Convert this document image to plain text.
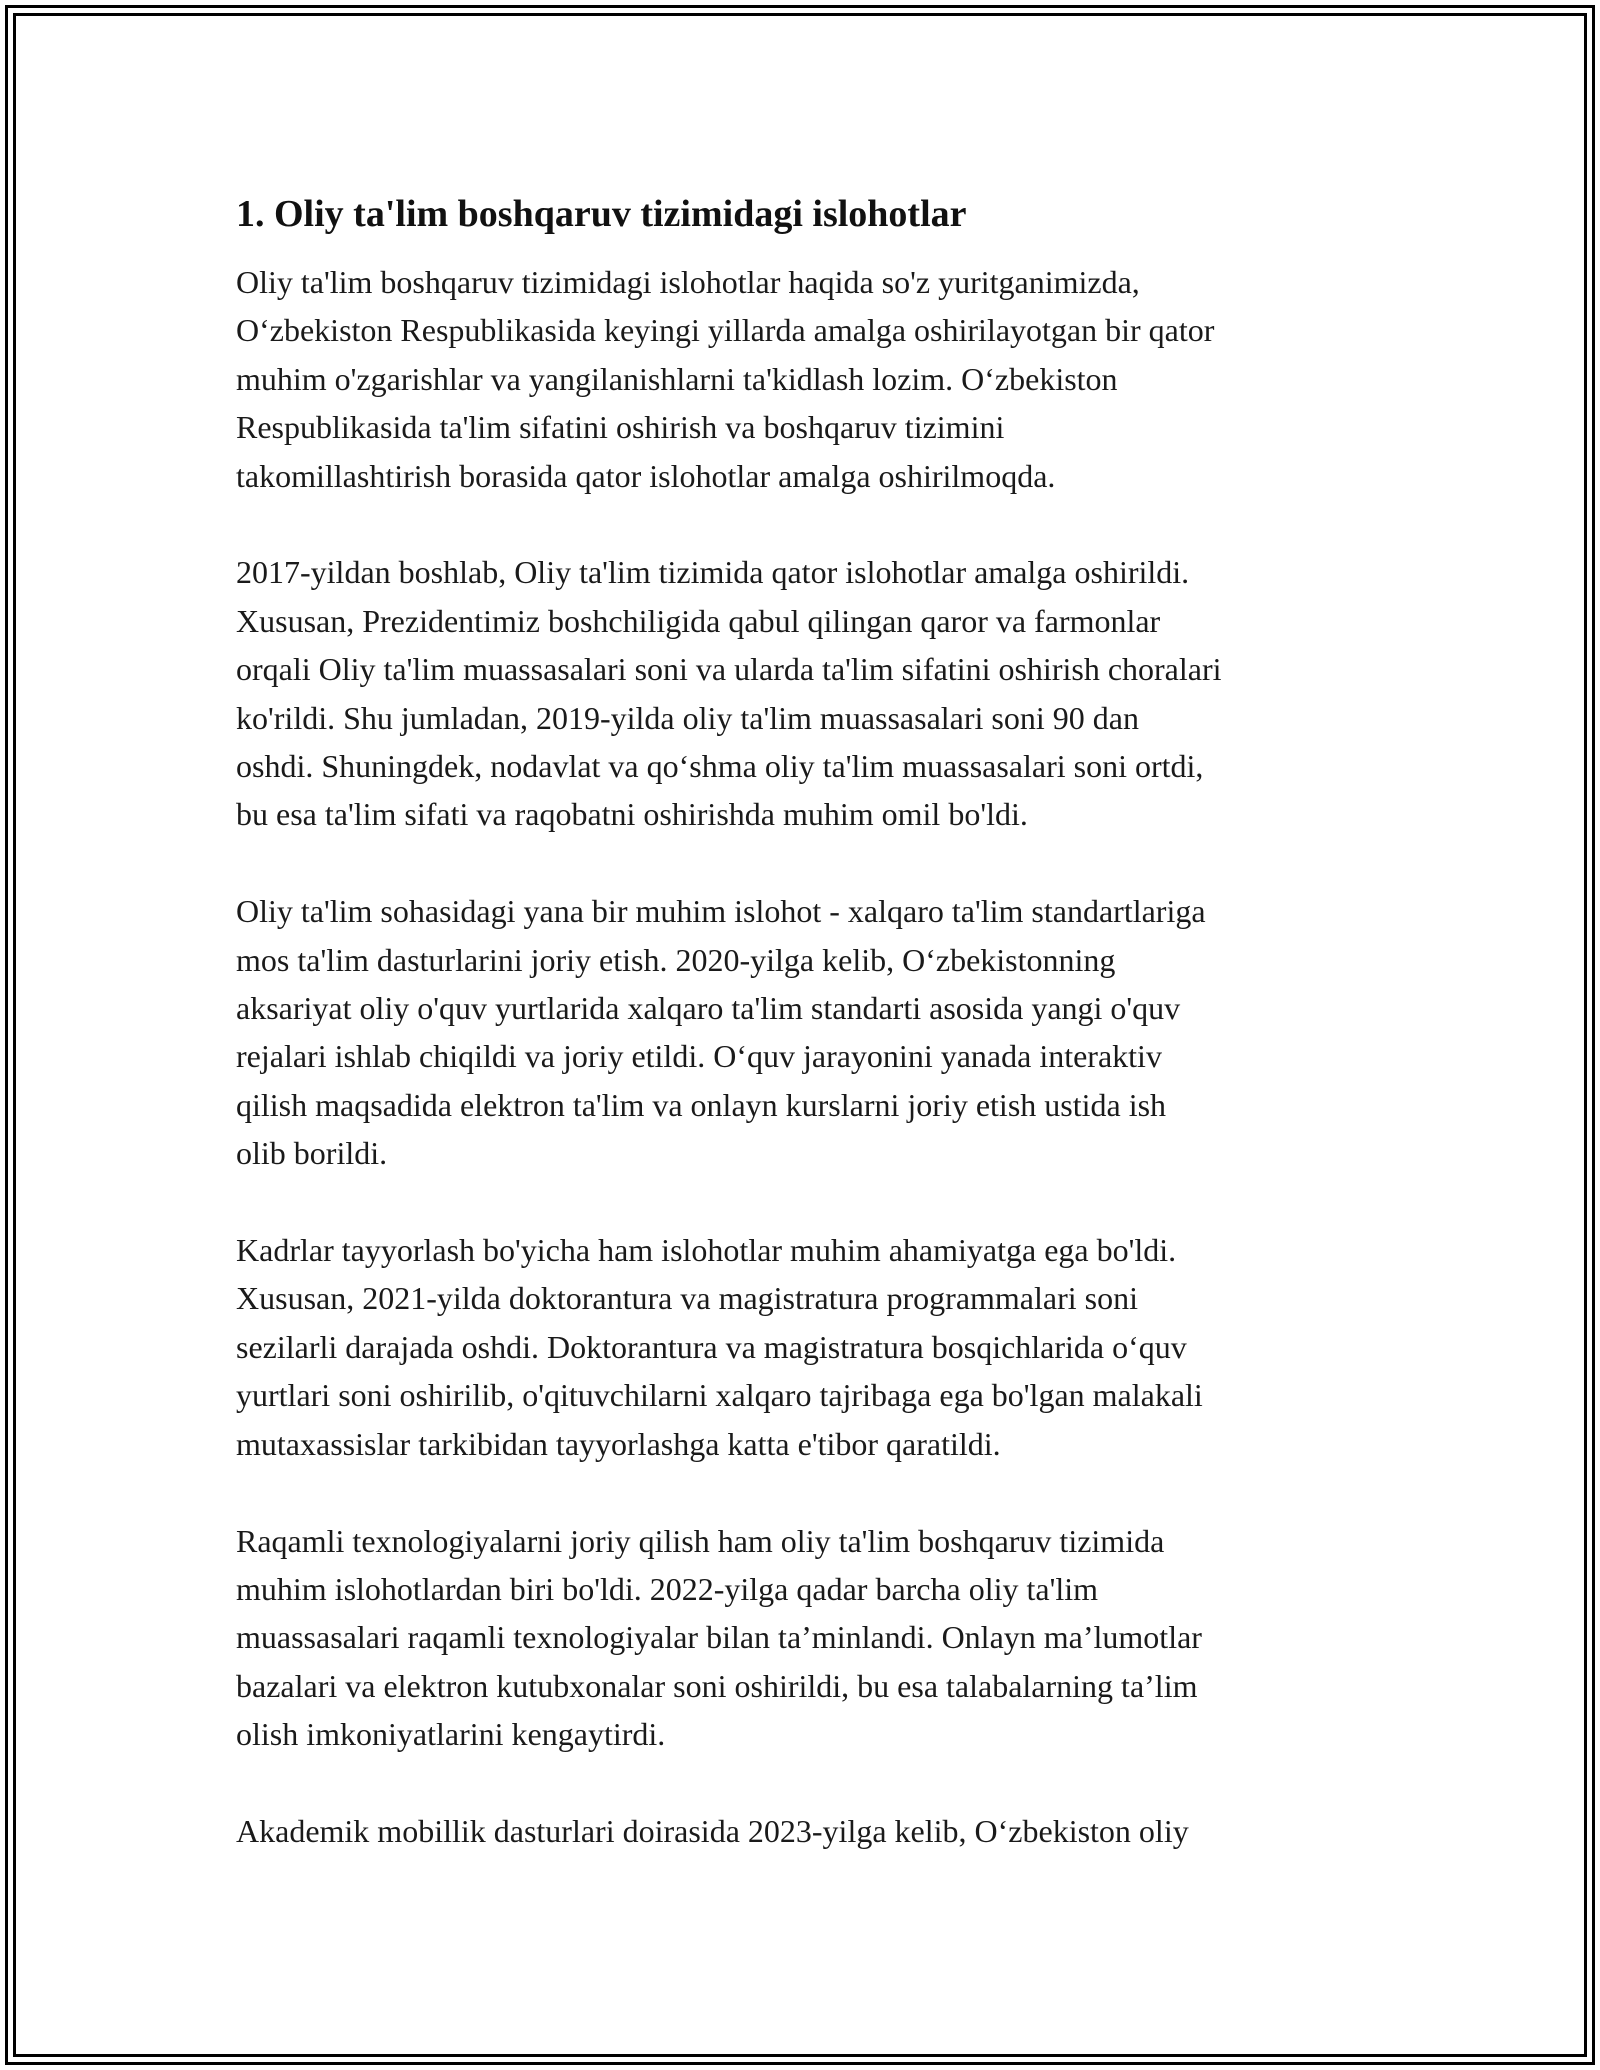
1. Oliy ta'lim boshqaruv tizimidagi islohotlar

Oliy ta'lim boshqaruv tizimidagi islohotlar haqida so'z yuritganimizda,
Oʻzbekiston Respublikasida keyingi yillarda amalga oshirilayotgan bir qator
muhim o'zgarishlar va yangilanishlarni ta'kidlash lozim. Oʻzbekiston
Respublikasida ta'lim sifatini oshirish va boshqaruv tizimini
takomillashtirish borasida qator islohotlar amalga oshirilmoqda.

2017-yildan boshlab, Oliy ta'lim tizimida qator islohotlar amalga oshirildi.
Xususan, Prezidentimiz boshchiligida qabul qilingan qaror va farmonlar
orqali Oliy ta'lim muassasalari soni va ularda ta'lim sifatini oshirish choralari
ko'rildi. Shu jumladan, 2019-yilda oliy ta'lim muassasalari soni 90 dan
oshdi. Shuningdek, nodavlat va qoʻshma oliy ta'lim muassasalari soni ortdi,
bu esa ta'lim sifati va raqobatni oshirishda muhim omil bo'ldi.

Oliy ta'lim sohasidagi yana bir muhim islohot - xalqaro ta'lim standartlariga
mos ta'lim dasturlarini joriy etish. 2020-yilga kelib, Oʻzbekistonning
aksariyat oliy o'quv yurtlarida xalqaro ta'lim standarti asosida yangi o'quv
rejalari ishlab chiqildi va joriy etildi. Oʻquv jarayonini yanada interaktiv
qilish maqsadida elektron ta'lim va onlayn kurslarni joriy etish ustida ish
olib borildi.

Kadrlar tayyorlash bo'yicha ham islohotlar muhim ahamiyatga ega bo'ldi.
Xususan, 2021-yilda doktorantura va magistratura programmalari soni
sezilarli darajada oshdi. Doktorantura va magistratura bosqichlarida oʻquv
yurtlari soni oshirilib, o'qituvchilarni xalqaro tajribaga ega bo'lgan malakali
mutaxassislar tarkibidan tayyorlashga katta e'tibor qaratildi.

Raqamli texnologiyalarni joriy qilish ham oliy ta'lim boshqaruv tizimida
muhim islohotlardan biri bo'ldi. 2022-yilga qadar barcha oliy ta'lim
muassasalari raqamli texnologiyalar bilan taʼminlandi. Onlayn maʼlumotlar
bazalari va elektron kutubxonalar soni oshirildi, bu esa talabalarning taʼlim
olish imkoniyatlarini kengaytirdi.

Akademik mobillik dasturlari doirasida 2023-yilga kelib, Oʻzbekiston oliy
